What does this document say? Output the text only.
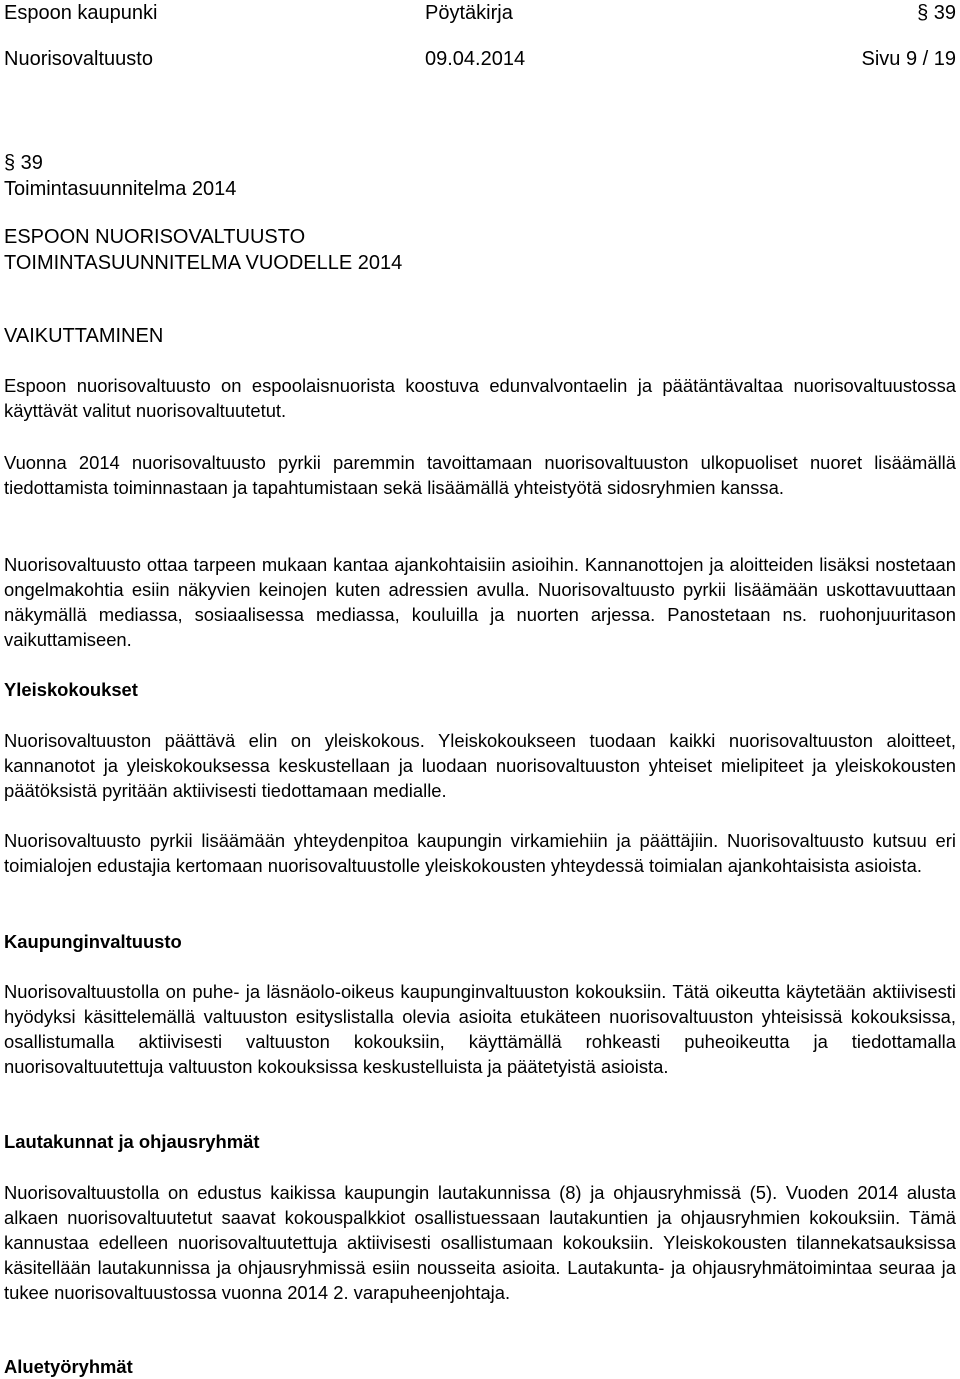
Espoon kaupunki	Pöytäkirja	§ 39
Nuorisovaltuusto	09.04.2014	Sivu 9 / 19
§ 39
Toimintasuunnitelma 2014
ESPOON NUORISOVALTUUSTO
TOIMINTASUUNNITELMA VUODELLE 2014
VAIKUTTAMINEN

Espoon nuorisovaltuusto on espoolaisnuorista koostuva edunvalvontaelin ja päätäntävaltaa nuorisovaltuustossa käyttävät valitut nuorisovaltuutetut.

Vuonna 2014 nuorisovaltuusto pyrkii paremmin tavoittamaan nuorisovaltuuston ulkopuoliset nuoret lisäämällä tiedottamista toiminnastaan ja tapahtumistaan sekä lisäämällä yhteistyötä sidosryhmien kanssa.

Nuorisovaltuusto ottaa tarpeen mukaan kantaa ajankohtaisiin asioihin. Kannanottojen ja aloitteiden lisäksi nostetaan ongelmakohtia esiin näkyvien keinojen kuten adressien avulla. Nuorisovaltuusto pyrkii lisäämään uskottavuuttaan näkymällä mediassa, sosiaalisessa mediassa, kouluilla ja nuorten arjessa. Panostetaan ns. ruohonjuuritason vaikuttamiseen.

Yleiskokoukset

Nuorisovaltuuston päättävä elin on yleiskokous. Yleiskokoukseen tuodaan kaikki nuorisovaltuuston aloitteet, kannanotot ja yleiskokouksessa keskustellaan ja luodaan nuorisovaltuuston yhteiset mielipiteet ja yleiskokousten päätöksistä pyritään aktiivisesti tiedottamaan medialle.

Nuorisovaltuusto pyrkii lisäämään yhteydenpitoa kaupungin virkamiehiin ja päättäjiin. Nuorisovaltuusto kutsuu eri toimialojen edustajia kertomaan nuorisovaltuustolle yleiskokousten yhteydessä toimialan ajankohtaisista asioista.

Kaupunginvaltuusto

Nuorisovaltuustolla on puhe- ja läsnäolo-oikeus kaupunginvaltuuston kokouksiin. Tätä oikeutta käytetään aktiivisesti hyödyksi käsittelemällä valtuuston esityslistalla olevia asioita etukäteen nuorisovaltuuston yhteisissä kokouksissa, osallistumalla aktiivisesti valtuuston kokouksiin, käyttämällä rohkeasti puheoikeutta ja tiedottamalla nuorisovaltuutettuja valtuuston kokouksissa keskustelluista ja päätetyistä asioista.

Lautakunnat ja ohjausryhmät

Nuorisovaltuustolla on edustus kaikissa kaupungin lautakunnissa (8) ja ohjausryhmissä (5). Vuoden 2014 alusta alkaen nuorisovaltuutetut saavat kokouspalkkiot osallistuessaan lautakuntien ja ohjausryhmien kokouksiin. Tämä kannustaa edelleen nuorisovaltuutettuja aktiivisesti osallistumaan kokouksiin. Yleiskokousten tilannekatsauksissa käsitellään lautakunnissa ja ohjausryhmissä esiin nousseita asioita. Lautakunta- ja ohjausryhmätoimintaa seuraa ja tukee nuorisovaltuustossa vuonna 2014 2. varapuheenjohtaja.

Aluetyöryhmät
